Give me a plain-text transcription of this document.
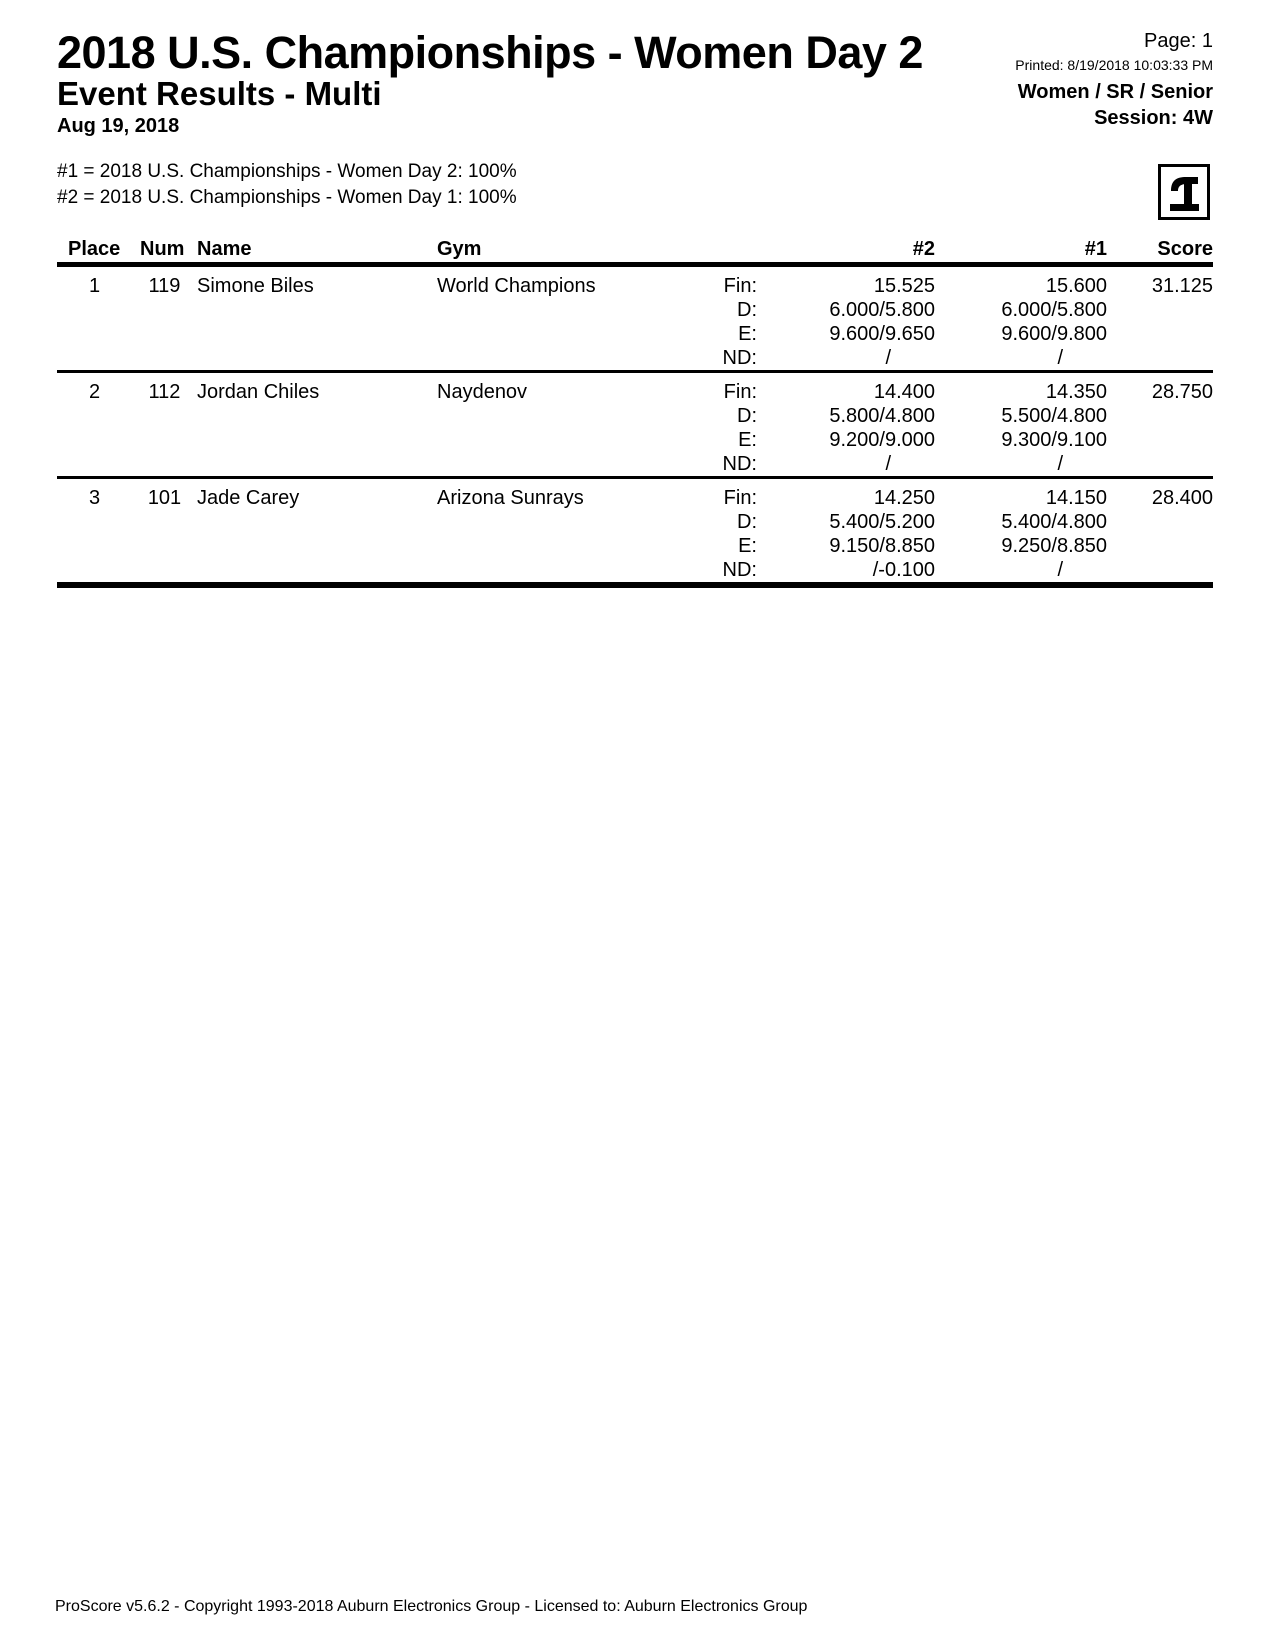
2018 U.S. Championships - Women Day 2
Event Results - Multi
Aug 19, 2018
Page: 1
Printed: 8/19/2018 10:03:33 PM
Women / SR / Senior
Session: 4W
#1 = 2018 U.S. Championships - Women Day 2: 100%
#2 = 2018 U.S. Championships - Women Day 1: 100%
Place Num Name	Gym	#2	#1	Score
1	119 Simone Biles	World Champions	Fin:	15.525	15.600	31.125
D:	6.000/5.800	6.000/5.800
E:	9.600/9.650	9.600/9.800
ND:	/	/
2	112 Jordan Chiles	Naydenov	Fin:	14.400	14.350	28.750
D:	5.800/4.800	5.500/4.800
E:	9.200/9.000	9.300/9.100
ND:	/	/
3	101 Jade Carey	Arizona Sunrays	Fin:	14.250	14.150	28.400
D:	5.400/5.200	5.400/4.800
E:	9.150/8.850	9.250/8.850
ND:	/-0.100	/
ProScore v5.6.2 - Copyright 1993-2018 Auburn Electronics Group - Licensed to: Auburn Electronics Group
